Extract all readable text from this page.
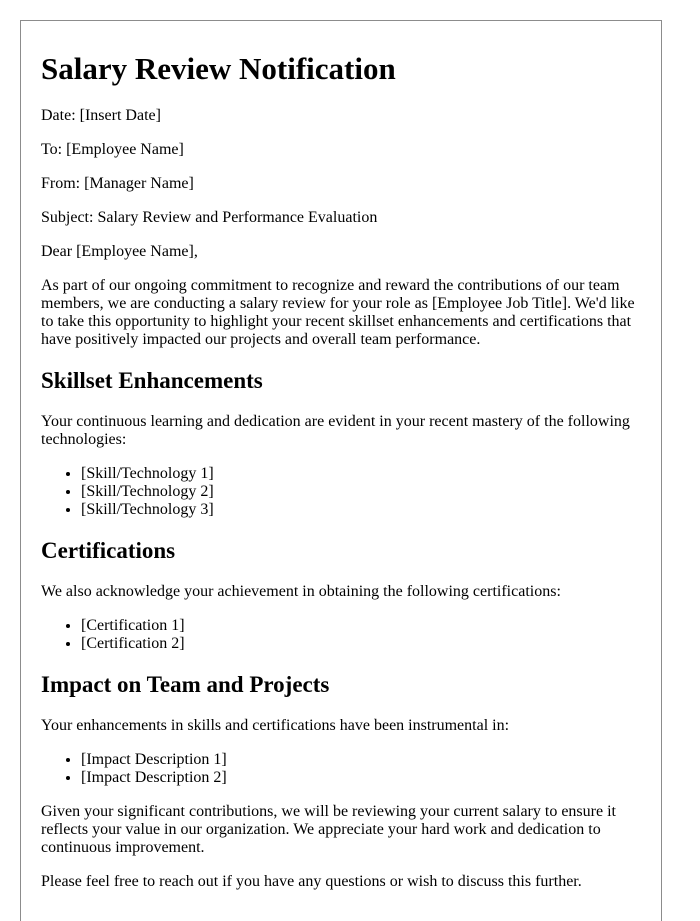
Salary Review Notification

Date: [Insert Date]

To: [Employee Name]

From: [Manager Name]

Subject: Salary Review and Performance Evaluation

Dear [Employee Name],

As part of our ongoing commitment to recognize and reward the contributions of our team members, we are conducting a salary review for your role as [Employee Job Title]. We'd like to take this opportunity to highlight your recent skillset enhancements and certifications that have positively impacted our projects and overall team performance.

Skillset Enhancements

Your continuous learning and dedication are evident in your recent mastery of the following technologies:

• [Skill/Technology 1]
• [Skill/Technology 2]
• [Skill/Technology 3]
Certifications

We also acknowledge your achievement in obtaining the following certifications:

• [Certification 1]
• [Certification 2]
Impact on Team and Projects

Your enhancements in skills and certifications have been instrumental in:

• [Impact Description 1]
• [Impact Description 2]

Given your significant contributions, we will be reviewing your current salary to ensure it reflects your value in our organization. We appreciate your hard work and dedication to continuous improvement.

Please feel free to reach out if you have any questions or wish to discuss this further.
